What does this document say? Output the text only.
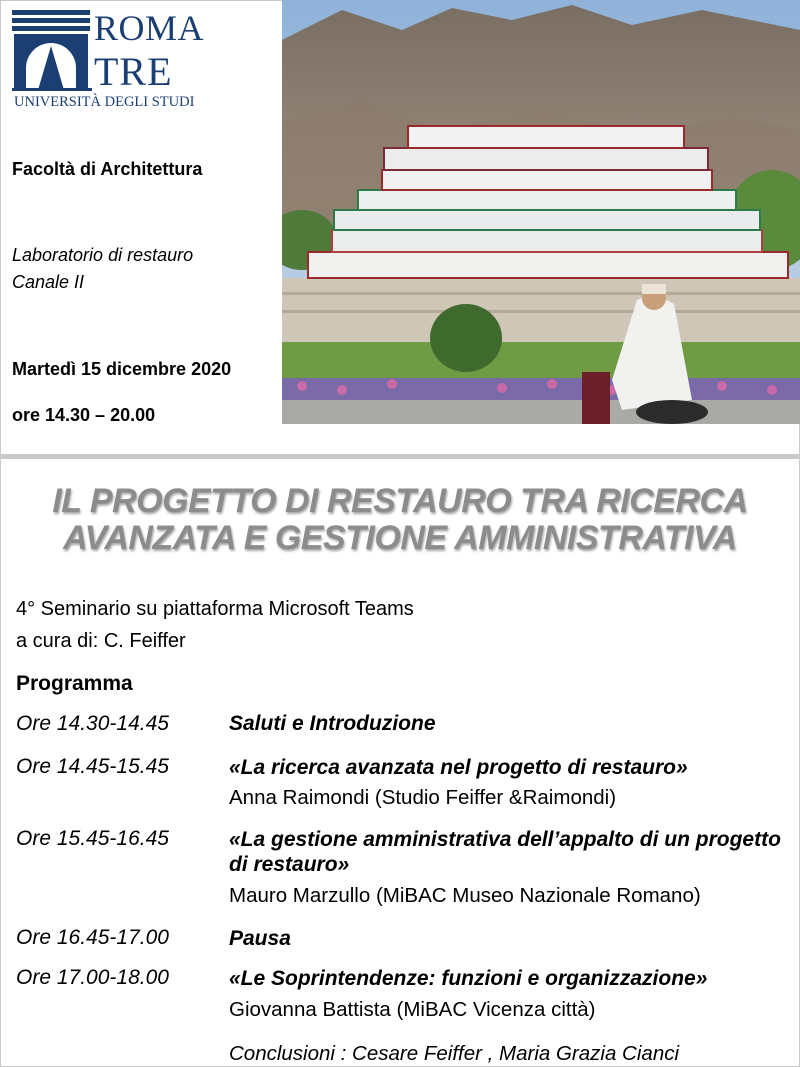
ROMA
TRE
UNIVERSITÀ DEGLI STUDI
Facoltà di Architettura
Laboratorio di restauro
Canale II
Martedì 15 dicembre 2020
ore 14.30 – 20.00
IL PROGETTO DI RESTAURO TRA RICERCA
AVANZATA E GESTIONE AMMINISTRATIVA
4° Seminario su piattaforma Microsoft Teams
a cura di: C. Feiffer
Programma
Ore 14.30-14.45	Saluti e Introduzione
Ore 14.45-15.45	«La ricerca avanzata nel progetto di restauro»
Anna Raimondi (Studio Feiffer &Raimondi)
Ore 15.45-16.45	«La gestione amministrativa dell’appalto di un progetto di restauro»
Mauro Marzullo (MiBAC Museo Nazionale Romano)
Ore 16.45-17.00	Pausa
Ore 17.00-18.00	«Le Soprintendenze: funzioni e organizzazione»
Giovanna Battista (MiBAC Vicenza città)
Conclusioni : Cesare Feiffer , Maria Grazia Cianci
